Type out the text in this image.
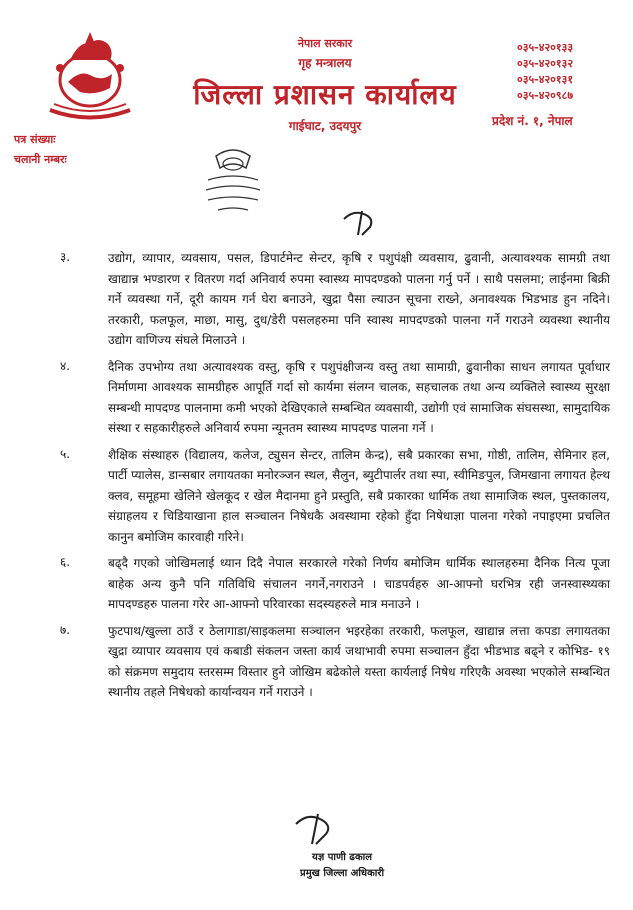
नेपाल सरकार
गृह मन्त्रालय
जिल्ला प्रशासन कार्यालय
गाईघाट, उदयपुर
०३५-४२०१३३
०३५-४२०१३२
०३५-४२०१३१
०३५-४२०९८७
प्रदेश नं. १, नेपाल
पत्र संख्याः
चलानी नम्बरः
३.	उद्योग, व्यापार, व्यवसाय, पसल, डिपार्टमेन्ट सेन्टर, कृषि र पशुपंक्षी व्यवसाय, ढुवानी, अत्यावश्यक सामग्री तथा खाद्यान्न भण्डारण र वितरण गर्दा अनिवार्य रुपमा स्वास्थ्य मापदण्डको पालना गर्नु पर्ने । साथै पसलमा; लाईनमा बिक्री गर्ने व्यवस्था गर्ने, दूरी कायम गर्न घेरा बनाउने, खुद्रा पैसा ल्याउन सूचना राख्ने, अनावश्यक भिडभाड हुन नदिने। तरकारी, फलफूल, माछा, मासु, दुध/डेरी पसलहरुमा पनि स्वास्थ मापदण्डको पालना गर्ने गराउने व्यवस्था स्थानीय उद्योग वाणिज्य संघले मिलाउने ।
४.	दैनिक उपभोग्य तथा अत्यावश्यक वस्तु, कृषि र पशुपंक्षीजन्य वस्तु तथा सामाग्री, ढुवानीका साधन लगायत पूर्वाधार निर्माणमा आवश्यक सामग्रीहरु आपूर्ति गर्दा सो कार्यमा संलग्न चालक, सहचालक तथा अन्य व्यक्तिले स्वास्थ्य सुरक्षा सम्बन्धी मापदण्ड पालनामा कमी भएको देखिएकाले सम्बन्धित व्यवसायी, उद्योगी एवं सामाजिक संघसस्था, सामुदायिक संस्था र सहकारीहरुले अनिवार्य रुपमा न्यूनतम स्वास्थ्य मापदण्ड पालना गर्ने ।
५.	शैक्षिक संस्थाहरु (विद्यालय, कलेज, ट्युसन सेन्टर, तालिम केन्द्र), सबै प्रकारका सभा, गोष्ठी, तालिम, सेमिनार हल, पार्टी प्यालेस, डान्सबार लगायतका मनोरञ्जन स्थल, सैलुन, ब्युटीपार्लर तथा स्पा, स्वीमिङपुल, जिमखाना लगायत हेल्थ क्लव, समूहमा खेलिने खेलकूद र खेल मैदानमा हुने प्रस्तुति, सबै प्रकारका धार्मिक तथा सामाजिक स्थल, पुस्तकालय, संग्राहलय र चिडियाखाना हाल सञ्चालन निषेधकै अवस्थामा रहेको हुँदा निषेधाज्ञा पालना गरेको नपाइएमा प्रचलित कानुन बमोजिम कारवाही गरिने।
६.	बढ्दै गएको जोखिमलाई ध्यान दिदै नेपाल सरकारले गरेको निर्णय बमोजिम धार्मिक स्थालहरुमा दैनिक नित्य पूजा बाहेक अन्य कुनै पनि गतिविधि संचालन नगर्ने,नगराउने । चाडपर्वहरु आ-आफ्नो घरभित्र रही जनस्वास्थ्यका मापदण्डहरु पालना गरेर आ-आफ्नो परिवारका सदस्यहरुले मात्र मनाउने ।
७.	फुटपाथ/खुल्ला ठाउँ र ठेलागाडा/साइकलमा सञ्चालन भइरहेका तरकारी, फलफूल, खाद्यान्न लत्ता कपडा लगायतका खुद्रा व्यापार व्यवसाय एवं कबाडी संकलन जस्ता कार्य जथाभावी रुपमा सञ्चालन हुँदा भीडभाड बढ्ने र कोभिड- १९ को संक्रमण समुदाय स्तरसम्म विस्तार हुने जोखिम बढेकोले यस्ता कार्यलाई निषेध गरिएकै अवस्था भएकोले सम्बन्धित स्थानीय तहले निषेधको कार्यान्वयन गर्ने गराउने ।
यज्ञ पाणी ढकाल
प्रमुख जिल्ला अधिकारी
